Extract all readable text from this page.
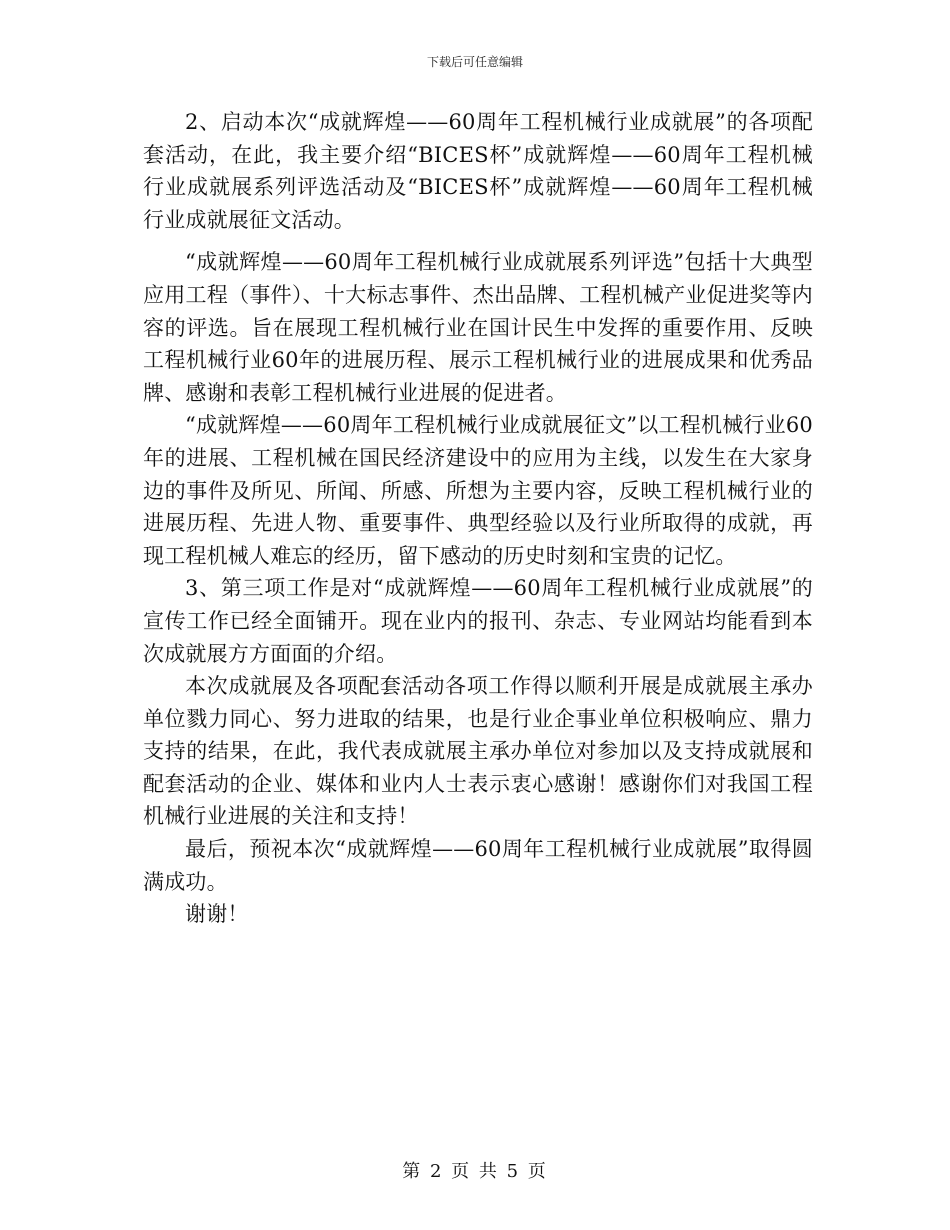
下载后可任意编辑

2、启动本次“成就辉煌——60周年工程机械行业成就展”的各项配套活动，在此，我主要介绍“BICES杯”成就辉煌——60周年工程机械行业成就展系列评选活动及“BICES杯”成就辉煌——60周年工程机械行业成就展征文活动。

“成就辉煌——60周年工程机械行业成就展系列评选”包括十大典型应用工程（事件）、十大标志事件、杰出品牌、工程机械产业促进奖等内容的评选。旨在展现工程机械行业在国计民生中发挥的重要作用、反映工程机械行业60年的进展历程、展示工程机械行业的进展成果和优秀品牌、感谢和表彰工程机械行业进展的促进者。

“成就辉煌——60周年工程机械行业成就展征文”以工程机械行业60年的进展、工程机械在国民经济建设中的应用为主线，以发生在大家身边的事件及所见、所闻、所感、所想为主要内容，反映工程机械行业的进展历程、先进人物、重要事件、典型经验以及行业所取得的成就，再现工程机械人难忘的经历，留下感动的历史时刻和宝贵的记忆。

3、第三项工作是对“成就辉煌——60周年工程机械行业成就展”的宣传工作已经全面铺开。现在业内的报刊、杂志、专业网站均能看到本次成就展方方面面的介绍。

本次成就展及各项配套活动各项工作得以顺利开展是成就展主承办单位戮力同心、努力进取的结果，也是行业企事业单位积极响应、鼎力支持的结果，在此，我代表成就展主承办单位对参加以及支持成就展和配套活动的企业、媒体和业内人士表示衷心感谢！感谢你们对我国工程机械行业进展的关注和支持！

最后，预祝本次“成就辉煌——60周年工程机械行业成就展”取得圆满成功。

谢谢！

第 2 页 共 5 页
